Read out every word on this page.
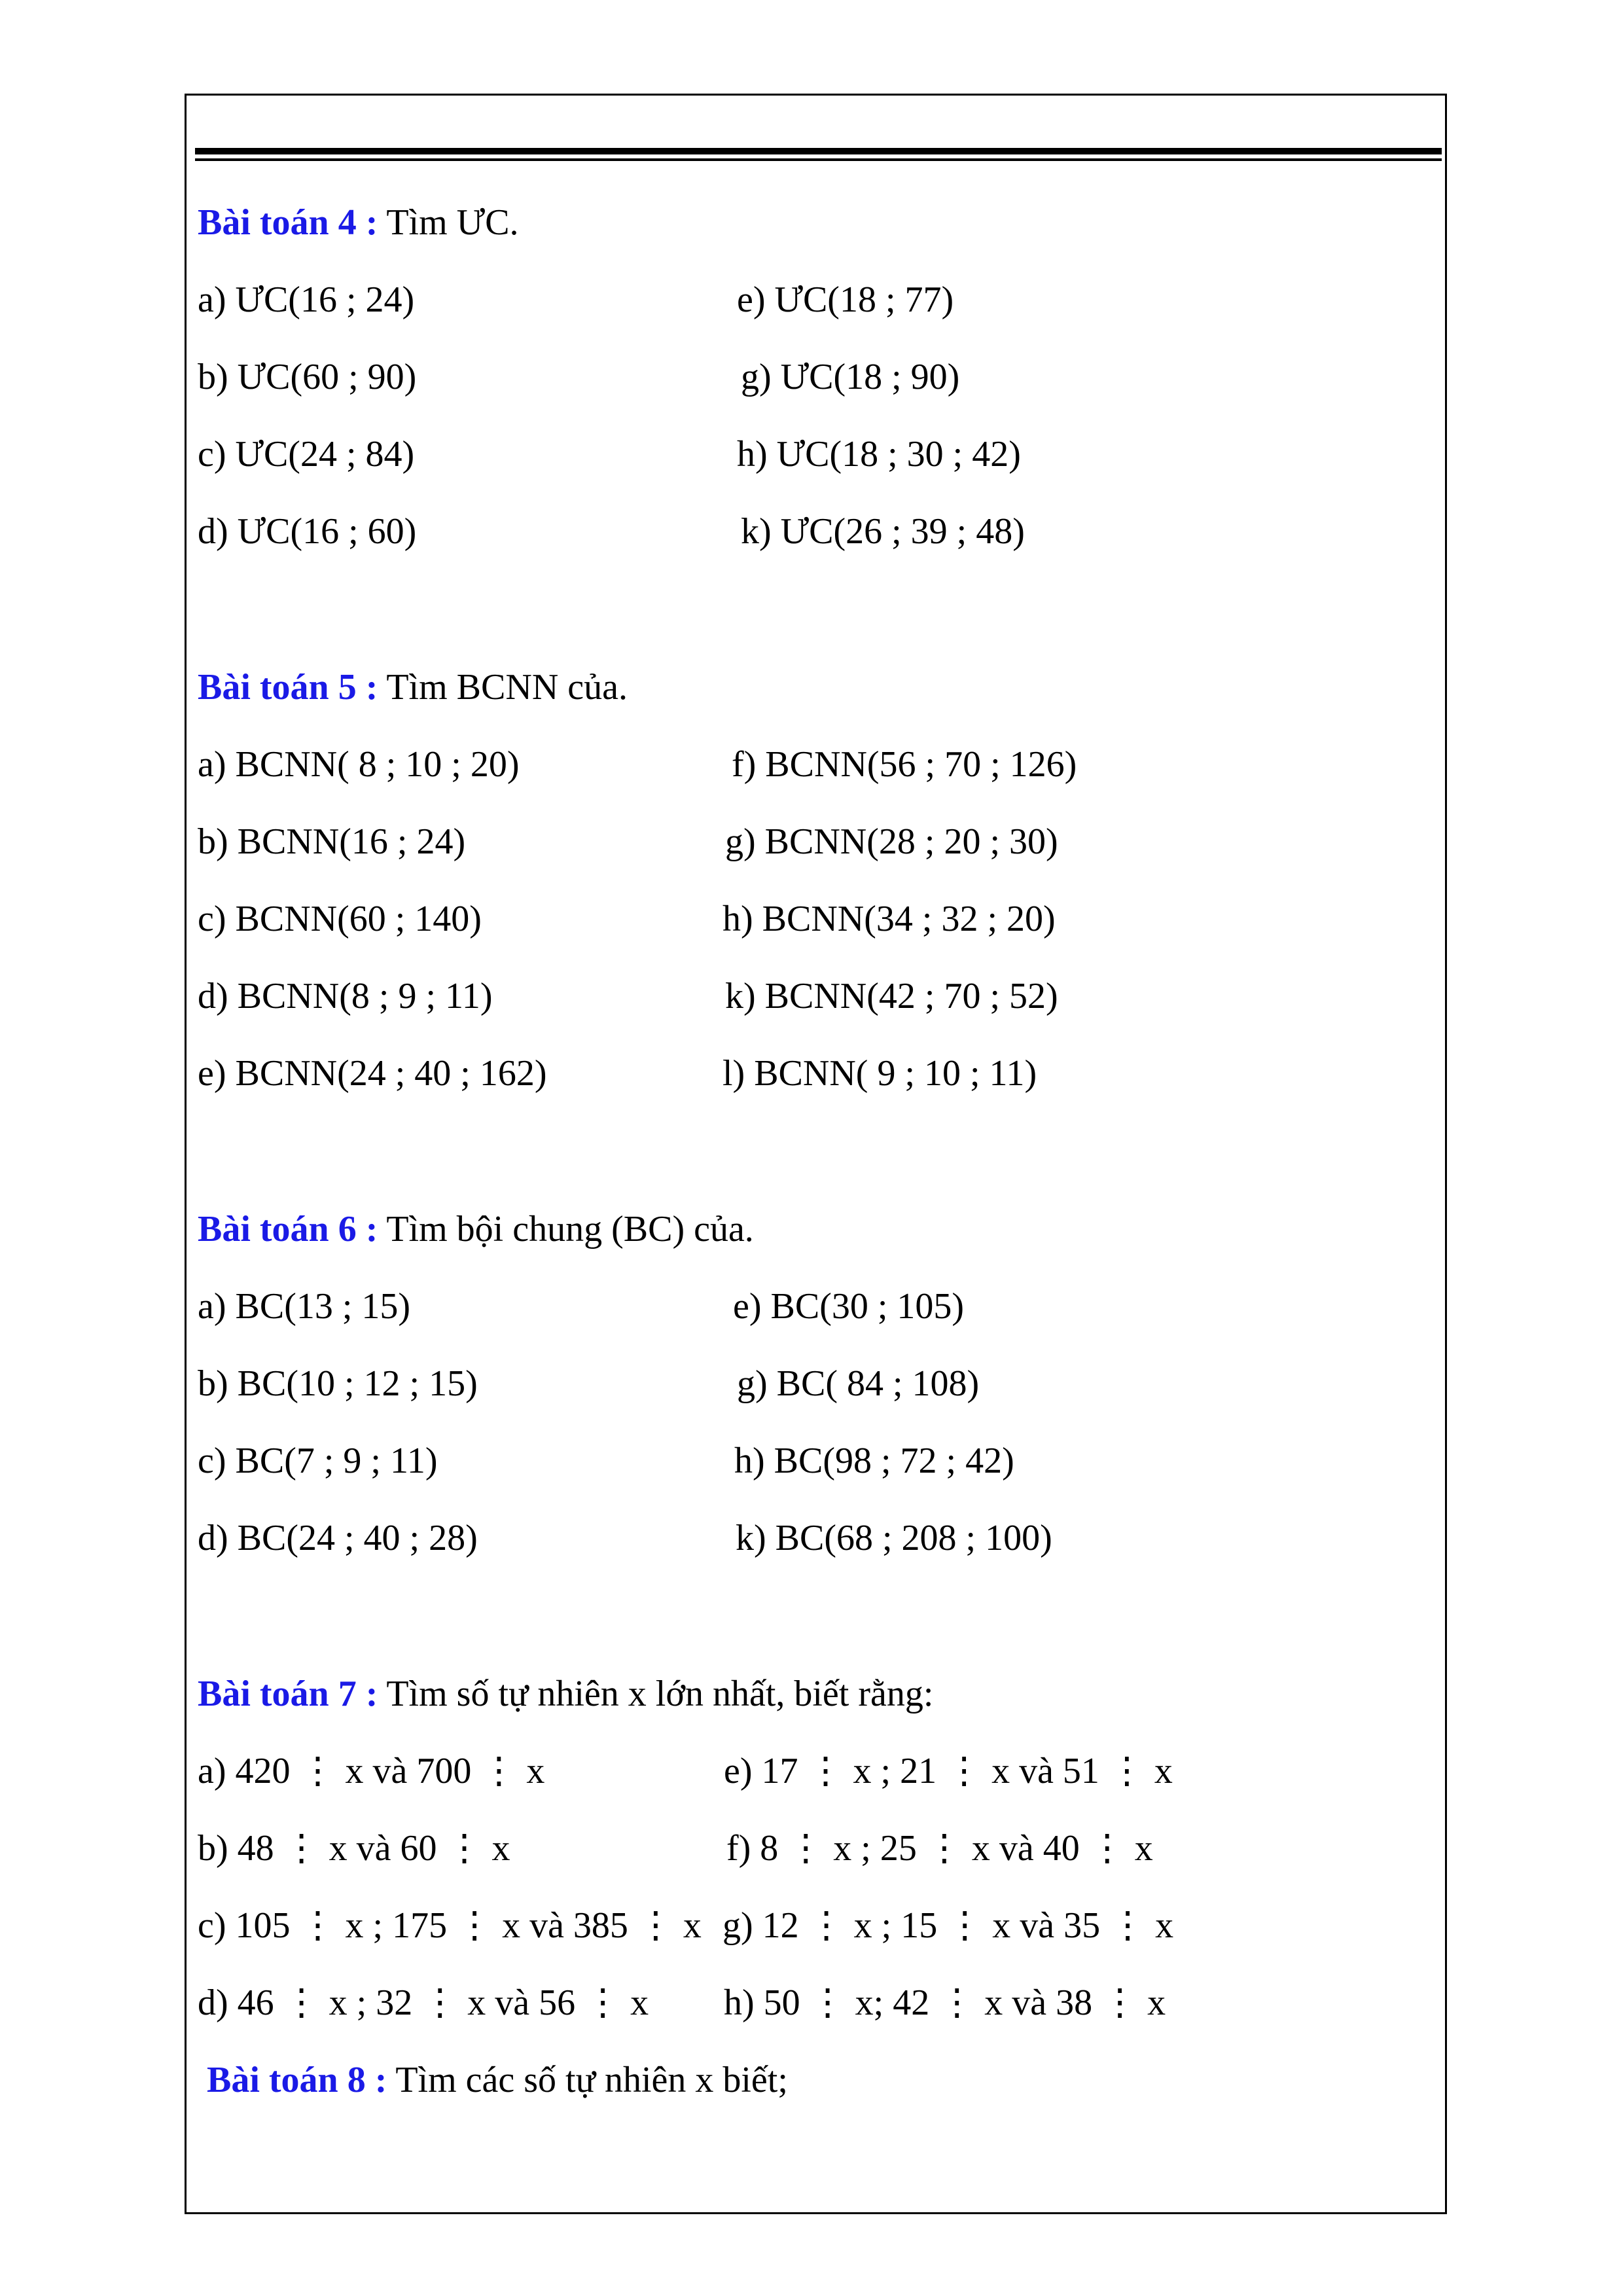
Bài toán 4 : Tìm ƯC.
a) ƯC(16 ; 24)	e) ƯC(18 ; 77)
b) ƯC(60 ; 90)	g) ƯC(18 ; 90)
c) ƯC(24 ; 84)	h) ƯC(18 ; 30 ; 42)
d) ƯC(16 ; 60)	k) ƯC(26 ; 39 ; 48)
Bài toán 5 : Tìm BCNN của.
a) BCNN( 8 ; 10 ; 20)	f) BCNN(56 ; 70 ; 126)
b) BCNN(16 ; 24)	g) BCNN(28 ; 20 ; 30)
c) BCNN(60 ; 140)	h) BCNN(34 ; 32 ; 20)
d) BCNN(8 ; 9 ; 11)	k) BCNN(42 ; 70 ; 52)
e) BCNN(24 ; 40 ; 162)	l) BCNN( 9 ; 10 ; 11)
Bài toán 6 : Tìm bội chung (BC) của.
a) BC(13 ; 15)	e) BC(30 ; 105)
b) BC(10 ; 12 ; 15)	g) BC( 84 ; 108)
c) BC(7 ; 9 ; 11)	h) BC(98 ; 72 ; 42)
d) BC(24 ; 40 ; 28)	k) BC(68 ; 208 ; 100)
Bài toán 7 : Tìm số tự nhiên x lớn nhất, biết rằng:
a) 420 ⋮ x và 700 ⋮ x	e) 17 ⋮ x ; 21 ⋮ x và 51 ⋮ x
b) 48 ⋮ x và 60 ⋮ x	f) 8 ⋮ x ; 25 ⋮ x và 40 ⋮ x
c) 105 ⋮ x ; 175 ⋮ x và 385 ⋮ x g) 12 ⋮ x ; 15 ⋮ x và 35 ⋮ x
d) 46 ⋮ x ; 32 ⋮ x và 56 ⋮ x h) 50 ⋮ x; 42 ⋮ x và 38 ⋮ x
Bài toán 8 : Tìm các số tự nhiên x biết;
